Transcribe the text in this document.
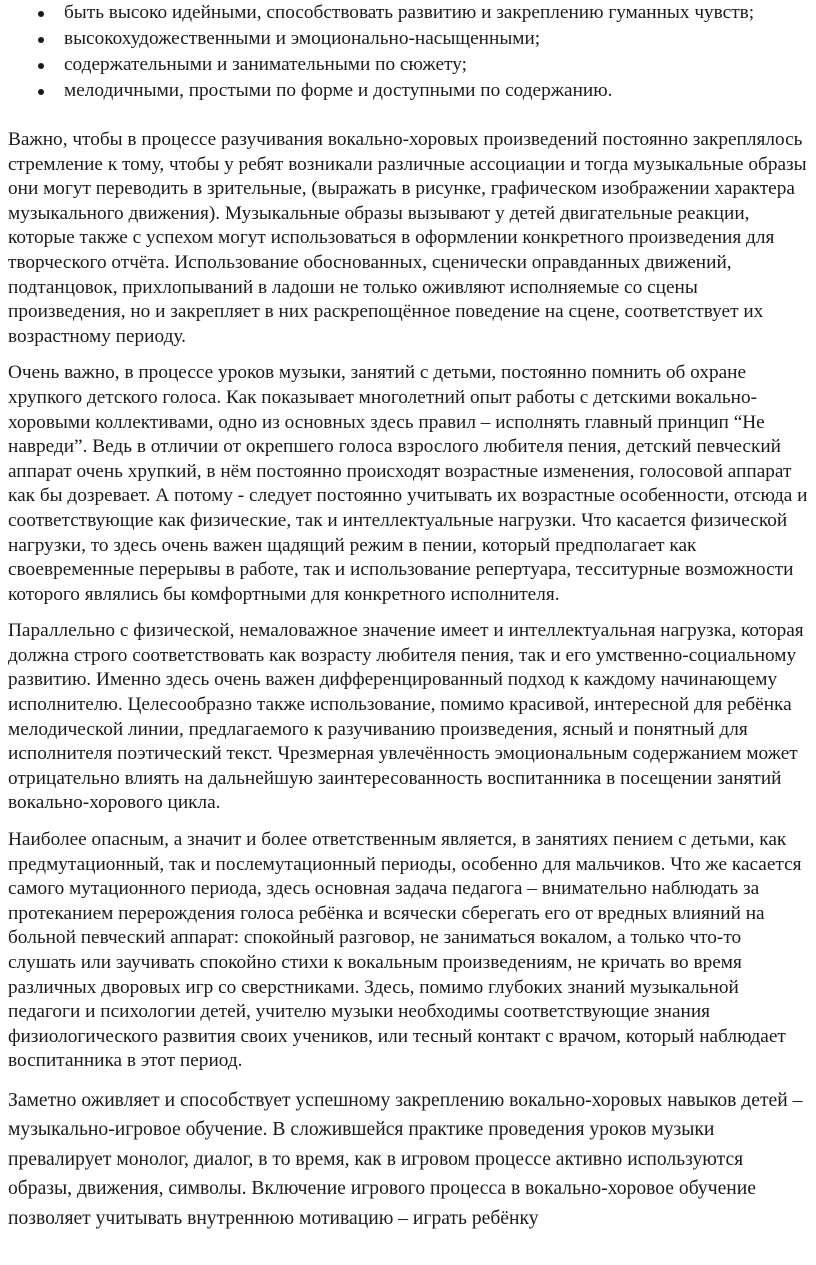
быть высоко идейными, способствовать развитию и закреплению гуманных чувств;
высокохудожественными и эмоционально-насыщенными;
содержательными и занимательными по сюжету;
мелодичными, простыми по форме и доступными по содержанию.

Важно, чтобы в процессе разучивания вокально-хоровых произведений постоянно закреплялось стремление к тому, чтобы у ребят возникали различные ассоциации и тогда музыкальные образы они могут переводить в зрительные, (выражать в рисунке, графическом изображении характера музыкального движения). Музыкальные образы вызывают у детей двигательные реакции, которые также с успехом могут использоваться в оформлении конкретного произведения для творческого отчёта. Использование обоснованных, сценически оправданных движений, подтанцовок, прихлопываний в ладоши не только оживляют исполняемые со сцены произведения, но и закрепляет в них раскрепощённое поведение на сцене, соответствует их возрастному периоду.

Очень важно, в процессе уроков музыки, занятий с детьми, постоянно помнить об охране хрупкого детского голоса. Как показывает многолетний опыт работы с детскими вокально-хоровыми коллективами, одно из основных здесь правил – исполнять главный принцип “Не навреди”. Ведь в отличии от окрепшего голоса взрослого любителя пения, детский певческий аппарат очень хрупкий, в нём постоянно происходят возрастные изменения, голосовой аппарат как бы дозревает. А потому - следует постоянно учитывать их возрастные особенности, отсюда и соответствующие как физические, так и интеллектуальные нагрузки. Что касается физической нагрузки, то здесь очень важен щадящий режим в пении, который предполагает как своевременные перерывы в работе, так и использование репертуара, тесситурные возможности которого являлись бы комфортными для конкретного исполнителя.

Параллельно с физической, немаловажное значение имеет и интеллектуальная нагрузка, которая должна строго соответствовать как возрасту любителя пения, так и его умственно-социальному развитию. Именно здесь очень важен дифференцированный подход к каждому начинающему исполнителю. Целесообразно также использование, помимо красивой, интересной для ребёнка мелодической линии, предлагаемого к разучиванию произведения, ясный и понятный для исполнителя поэтический текст. Чрезмерная увлечённость эмоциональным содержанием может отрицательно влиять на дальнейшую заинтересованность воспитанника в посещении занятий вокально-хорового цикла.

Наиболее опасным, а значит и более ответственным является, в занятиях пением с детьми, как предмутационный, так и послемутационный периоды, особенно для мальчиков. Что же касается самого мутационного периода, здесь основная задача педагога – внимательно наблюдать за протеканием перерождения голоса ребёнка и всячески сберегать его от вредных влияний на больной певческий аппарат: спокойный разговор, не заниматься вокалом, а только что-то слушать или заучивать спокойно стихи к вокальным произведениям, не кричать во время различных дворовых игр со сверстниками. Здесь, помимо глубоких знаний музыкальной педагоги и психологии детей, учителю музыки необходимы соответствующие знания физиологического развития своих учеников, или тесный контакт с врачом, который наблюдает воспитанника в этот период.

Заметно оживляет и способствует успешному закреплению вокально-хоровых навыков детей – музыкально-игровое обучение. В сложившейся практике проведения уроков музыки превалирует монолог, диалог, в то время, как в игровом процессе активно используются образы, движения, символы. Включение игрового процесса в вокально-хоровое обучение позволяет учитывать внутреннюю мотивацию – играть ребёнку
